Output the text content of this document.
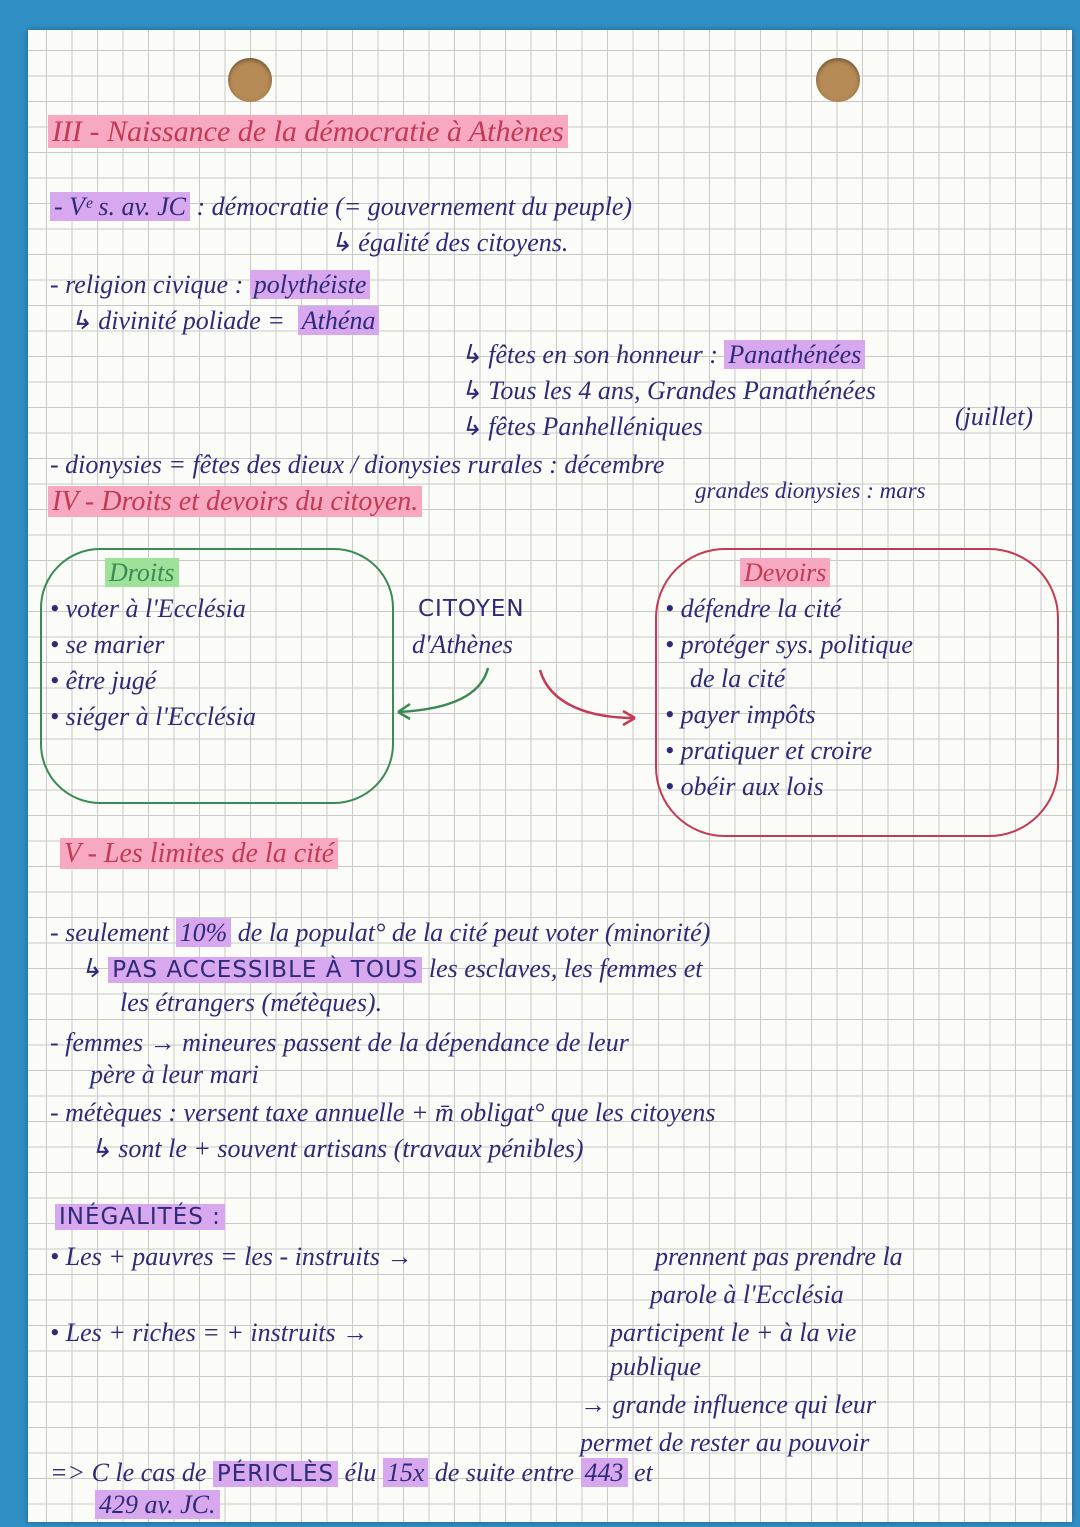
III - Naissance de la démocratie à Athènes
- Vᵉ s. av. JC : démocratie (= gouvernement du peuple)
↳ égalité des citoyens.
- religion civique : polythéiste
↳ divinité poliade = Athéna
↳ fêtes en son honneur : Panathénées
↳ Tous les 4 ans, Grandes Panathénées
(juillet)
↳ fêtes Panhelléniques
- dionysies = fêtes des dieux / dionysies rurales : décembre
grandes dionysies : mars
IV - Droits et devoirs du citoyen.
Droits
• voter à l'Ecclésia
• se marier
• être jugé
• siéger à l'Ecclésia
CITOYEN
d'Athènes
Devoirs
• défendre la cité
• protéger sys. politique
de la cité
• payer impôts
• pratiquer et croire
• obéir aux lois
V - Les limites de la cité
- seulement 10% de la populat° de la cité peut voter (minorité)
↳ PAS ACCESSIBLE À TOUS les esclaves, les femmes et
les étrangers (métèques).
- femmes → mineures passent de la dépendance de leur
père à leur mari
- métèques : versent taxe annuelle + m̄ obligat° que les citoyens
↳ sont le + souvent artisans (travaux pénibles)
INÉGALITÉS :
• Les + pauvres = les - instruits →	prennent pas prendre la
parole à l'Ecclésia
• Les + riches = + instruits →	participent le + à la vie
publique
→ grande influence qui leur
permet de rester au pouvoir
=> C le cas de PÉRICLÈS élu 15x de suite entre 443 et
429 av. JC.
